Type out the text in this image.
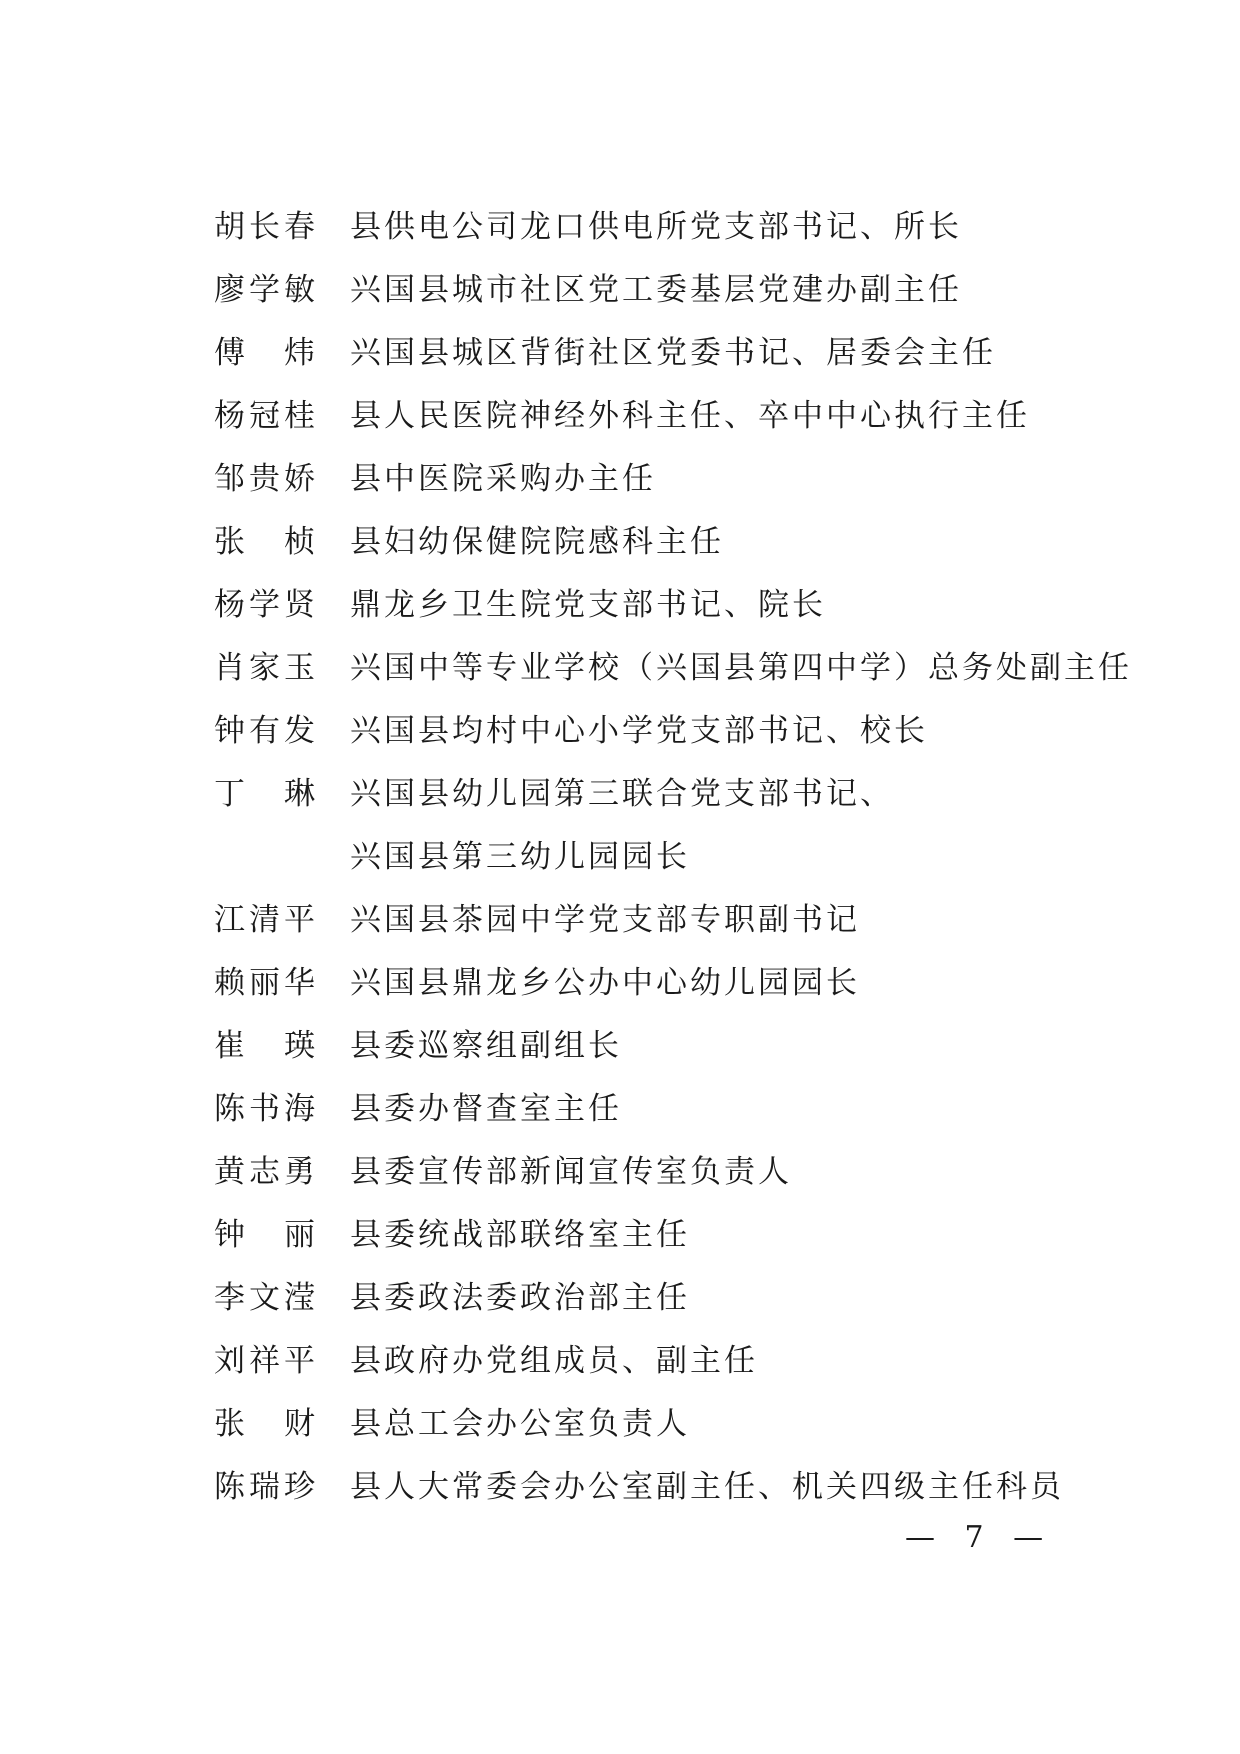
胡长春	县供电公司龙口供电所党支部书记、所长
廖学敏	兴国县城市社区党工委基层党建办副主任
傅　炜	兴国县城区背街社区党委书记、居委会主任
杨冠桂	县人民医院神经外科主任、卒中中心执行主任
邹贵娇	县中医院采购办主任
张　桢	县妇幼保健院院感科主任
杨学贤	鼎龙乡卫生院党支部书记、院长
肖家玉	兴国中等专业学校（兴国县第四中学）总务处副主任
钟有发	兴国县均村中心小学党支部书记、校长
丁　琳	兴国县幼儿园第三联合党支部书记、
兴国县第三幼儿园园长
江清平	兴国县茶园中学党支部专职副书记
赖丽华	兴国县鼎龙乡公办中心幼儿园园长
崔　瑛	县委巡察组副组长
陈书海	县委办督查室主任
黄志勇	县委宣传部新闻宣传室负责人
钟　丽	县委统战部联络室主任
李文滢	县委政法委政治部主任
刘祥平	县政府办党组成员、副主任
张　财	县总工会办公室负责人
陈瑞珍	县人大常委会办公室副主任、机关四级主任科员
— 7 —
